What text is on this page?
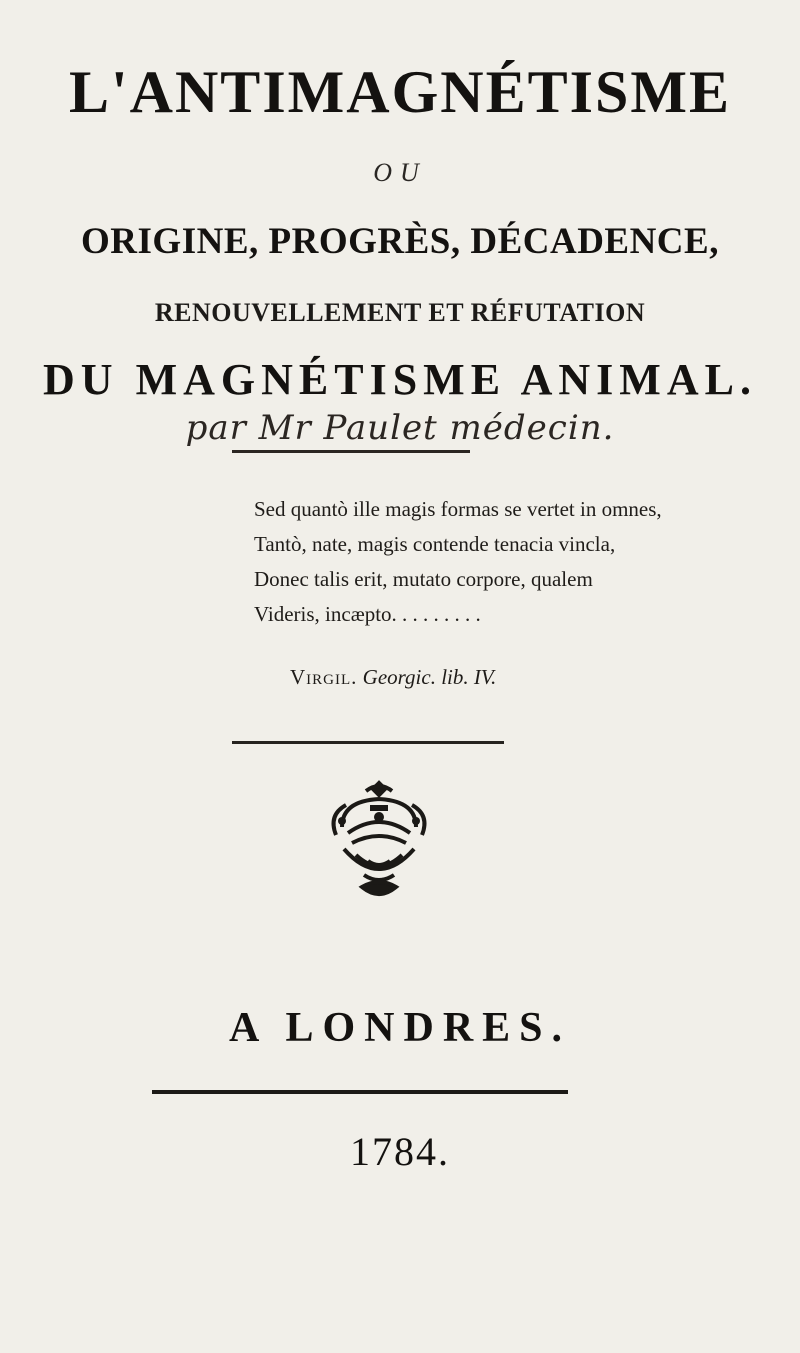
L'ANTIMAGNÉTISME
OU
ORIGINE, PROGRÈS, DÉCADENCE,
RENOUVELLEMENT ET RÉFUTATION
DU MAGNÉTISME ANIMAL.
par Mr Paulet médecin.
Sed quantò ille magis formas se vertet in omnes,
Tantò, nate, magis contende tenacia vincla,
Donec talis erit, mutato corpore, qualem
Videris, incæpto. . . . . . . . .
Virgil. Georgic. lib. IV.
A LONDRES.
1784.
